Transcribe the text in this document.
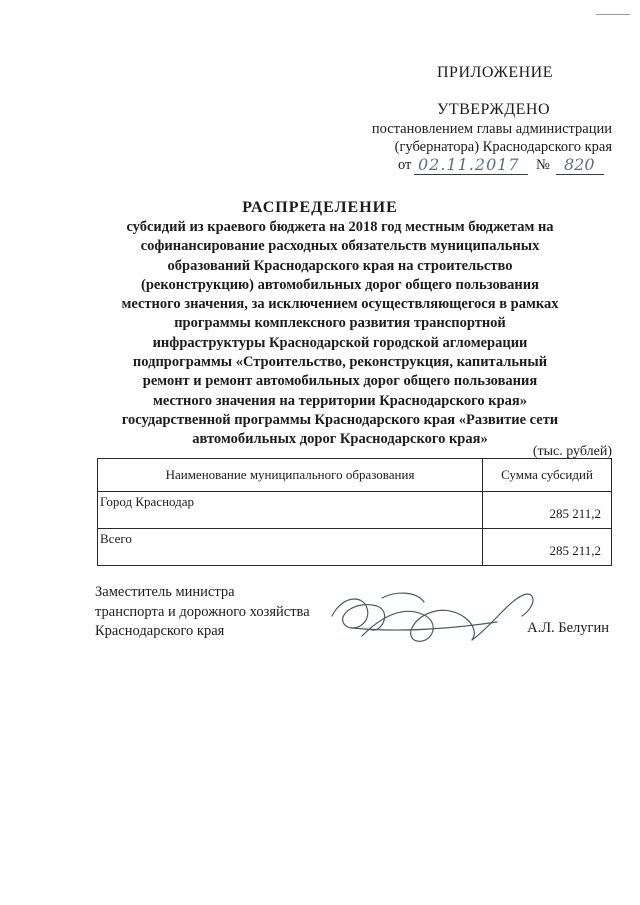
ПРИЛОЖЕНИЕ
УТВЕРЖДЕНО
постановлением главы администрации
(губернатора) Краснодарского края
от 02.11.2017 № 820
РАСПРЕДЕЛЕНИЕ
субсидий из краевого бюджета на 2018 год местным бюджетам на
софинансирование расходных обязательств муниципальных
образований Краснодарского края на строительство
(реконструкцию) автомобильных дорог общего пользования
местного значения, за исключением осуществляющегося в рамках
программы комплексного развития транспортной
инфраструктуры Краснодарской городской агломерации
подпрограммы «Строительство, реконструкция, капитальный
ремонт и ремонт автомобильных дорог общего пользования
местного значения на территории Краснодарского края»
государственной программы Краснодарского края «Развитие сети
автомобильных дорог Краснодарского края»
(тыс. рублей)
Наименование муниципального образования	Сумма субсидий
Город Краснодар	285 211,2
Всего	285 211,2
Заместитель министра
транспорта и дорожного хозяйства
Краснодарского края	А.Л. Белугин
